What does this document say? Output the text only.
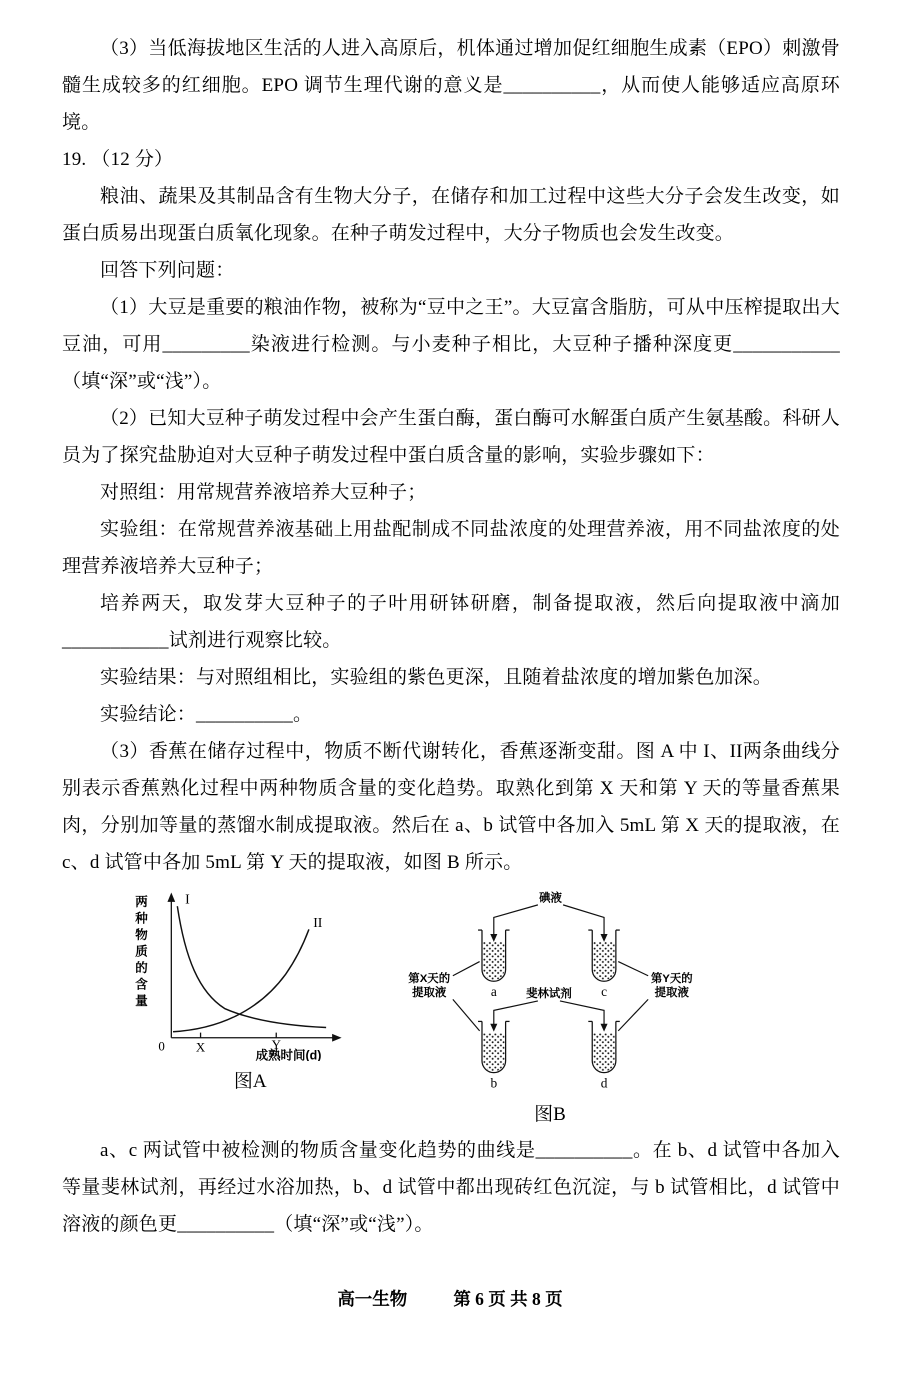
（3）当低海拔地区生活的人进入高原后，机体通过增加促红细胞生成素（EPO）刺激骨髓生成较多的红细胞。EPO 调节生理代谢的意义是__________，从而使人能够适应高原环境。

19. （12 分）

粮油、蔬果及其制品含有生物大分子，在储存和加工过程中这些大分子会发生改变，如蛋白质易出现蛋白质氧化现象。在种子萌发过程中，大分子物质也会发生改变。

回答下列问题：

（1）大豆是重要的粮油作物，被称为“豆中之王”。大豆富含脂肪，可从中压榨提取出大豆油，可用_________染液进行检测。与小麦种子相比，大豆种子播种深度更___________（填“深”或“浅”）。

（2）已知大豆种子萌发过程中会产生蛋白酶，蛋白酶可水解蛋白质产生氨基酸。科研人员为了探究盐胁迫对大豆种子萌发过程中蛋白质含量的影响，实验步骤如下：

对照组：用常规营养液培养大豆种子；

实验组：在常规营养液基础上用盐配制成不同盐浓度的处理营养液，用不同盐浓度的处理营养液培养大豆种子；

培养两天，取发芽大豆种子的子叶用研钵研磨，制备提取液，然后向提取液中滴加___________试剂进行观察比较。

实验结果：与对照组相比，实验组的紫色更深，且随着盐浓度的增加紫色加深。

实验结论：__________。

（3）香蕉在储存过程中，物质不断代谢转化，香蕉逐渐变甜。图 A 中 I、II两条曲线分别表示香蕉熟化过程中两种物质含量的变化趋势。取熟化到第 X 天和第 Y 天的等量香蕉果肉，分别加等量的蒸馏水制成提取液。然后在 a、b 试管中各加入 5mL 第 X 天的提取液，在 c、d 试管中各加 5mL 第 Y 天的提取液，如图 B 所示。

两种物质的含量 I
II
0 X	Y
成熟时间(d)
图A
碘液
a	c
斐林试剂
b	d
第X天的
提取液
第Y天的
提取液
图B

a、c 两试管中被检测的物质含量变化趋势的曲线是__________。在 b、d 试管中各加入等量斐林试剂，再经过水浴加热，b、d 试管中都出现砖红色沉淀，与 b 试管相比，d 试管中溶液的颜色更__________（填“深”或“浅”）。

高一生物	第 6 页 共 8 页
